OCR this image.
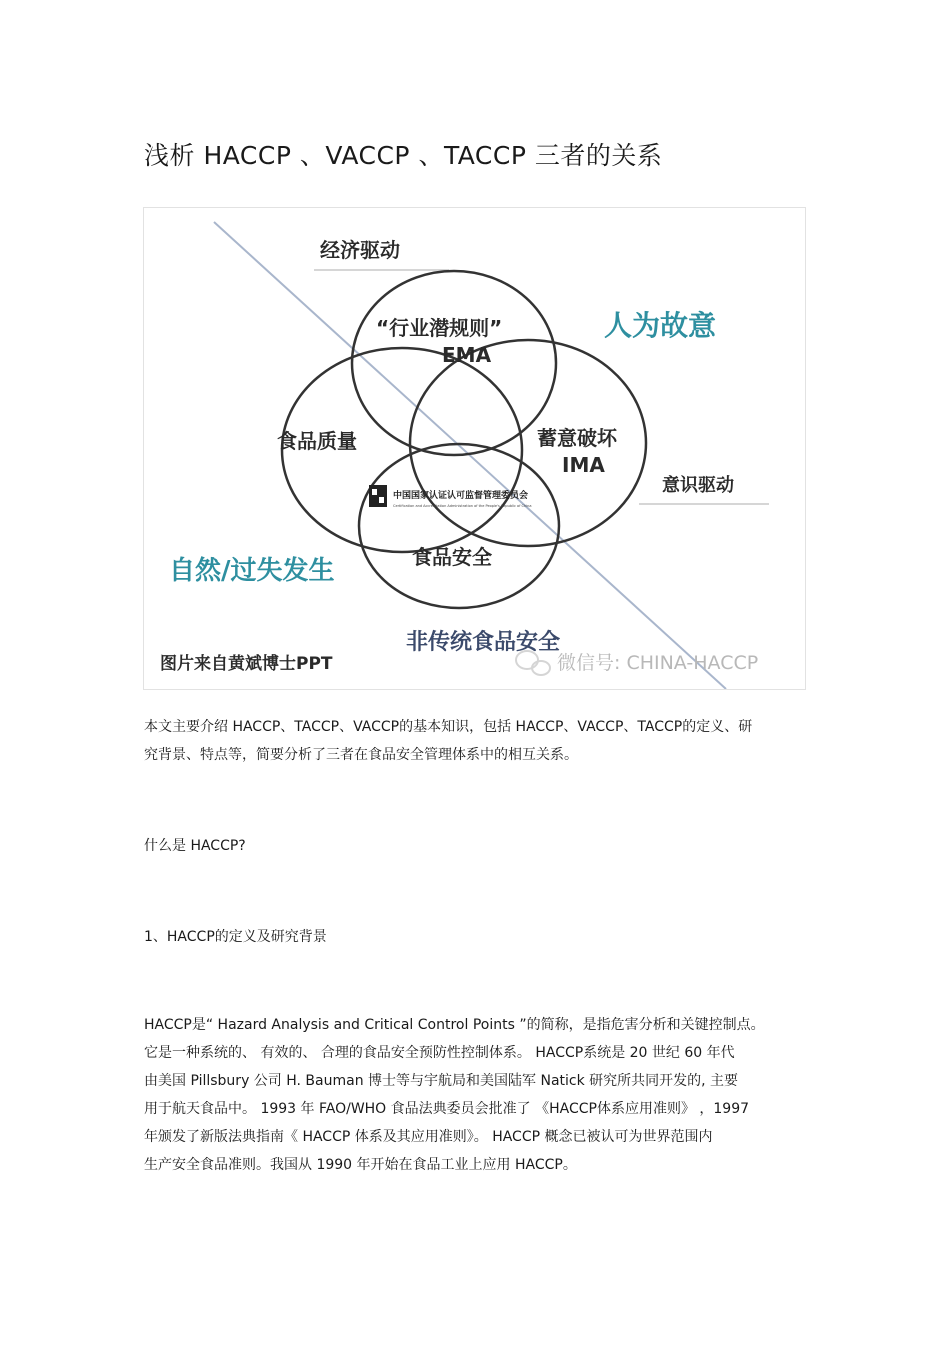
浅析 HACCP 、VACCP 、TACCP 三者的关系
经济驱动
人为故意
“行业潜规则”
EMA
食品质量	蓄意破坏
IMA
意识驱动
中国国家认证认可监督管理委员会
Certification and Accreditation Administration of the People's Republic of China
食品安全
自然/过失发生
非传统食品安全
图片来自黄斌博士PPT	微信号: CHINA-HACCP
本文主要介绍 HACCP、TACCP、VACCP的基本知识，包括 HACCP、VACCP、TACCP的定义、研
究背景、特点等，简要分析了三者在食品安全管理体系中的相互关系。
什么是 HACCP?
1、HACCP的定义及研究背景
HACCP是“ Hazard Analysis and Critical Control Points ”的简称，是指危害分析和关键控制点。
它是一种系统的、 有效的、 合理的食品安全预防性控制体系。 HACCP系统是 20 世纪 60 年代
由美国 Pillsbury 公司 H. Bauman 博士等与宇航局和美国陆军 Natick 研究所共同开发的, 主要
用于航天食品中。 1993 年 FAO/WHO 食品法典委员会批准了 《HACCP体系应用准则》 ，1997
年颁发了新版法典指南《 HACCP 体系及其应用准则》。 HACCP 概念已被认可为世界范围内
生产安全食品准则。我国从 1990 年开始在食品工业上应用 HACCP。
